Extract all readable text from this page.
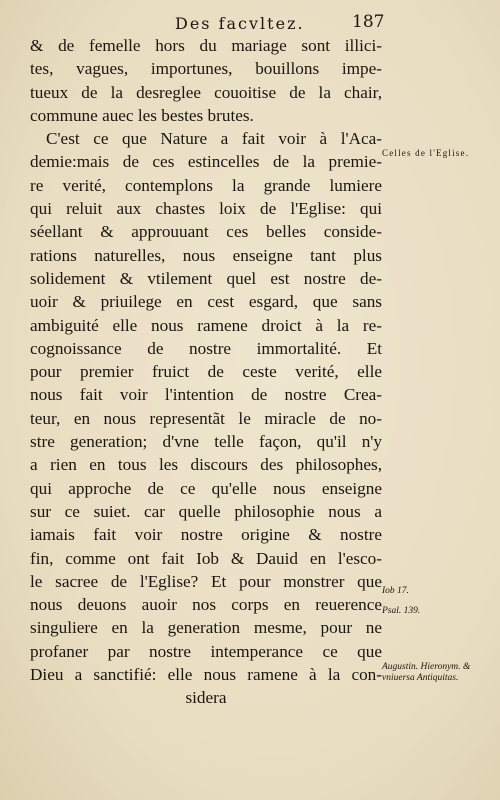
Des facvltez.	187
& de femelle hors du mariage sont illici-
tes, vagues, importunes, bouillons impe-
tueux de la desreglee couoitise de la chair,
commune auec les bestes brutes.
C'est ce que Nature a fait voir à l'Aca-
demie:mais de ces estincelles de la premie-
re verité, contemplons la grande lumiere
qui reluit aux chastes loix de l'Eglise: qui
séellant & approuuant ces belles conside-
rations naturelles, nous enseigne tant plus
solidement & vtilement quel est nostre de-
uoir & priuilege en cest esgard, que sans
ambiguité elle nous ramene droict à la re-
cognoissance de nostre immortalité. Et
pour premier fruict de ceste verité, elle
nous fait voir l'intention de nostre Crea-
teur, en nous representãt le miracle de no-
stre generation; d'vne telle façon, qu'il n'y
a rien en tous les discours des philosophes,
qui approche de ce qu'elle nous enseigne
sur ce suiet. car quelle philosophie nous a
iamais fait voir nostre origine & nostre
fin, comme ont fait Iob & Dauid en l'esco-
le sacree de l'Eglise? Et pour monstrer que
nous deuons auoir nos corps en reuerence
singuliere en la generation mesme, pour ne
profaner par nostre intemperance ce que
Dieu a sanctifié: elle nous ramene à la con-
sidera
Celles de l'Eglise.
Iob 17.
Psal. 139.
Augustin. Hieronym. & vniuersa Antiquitas.
